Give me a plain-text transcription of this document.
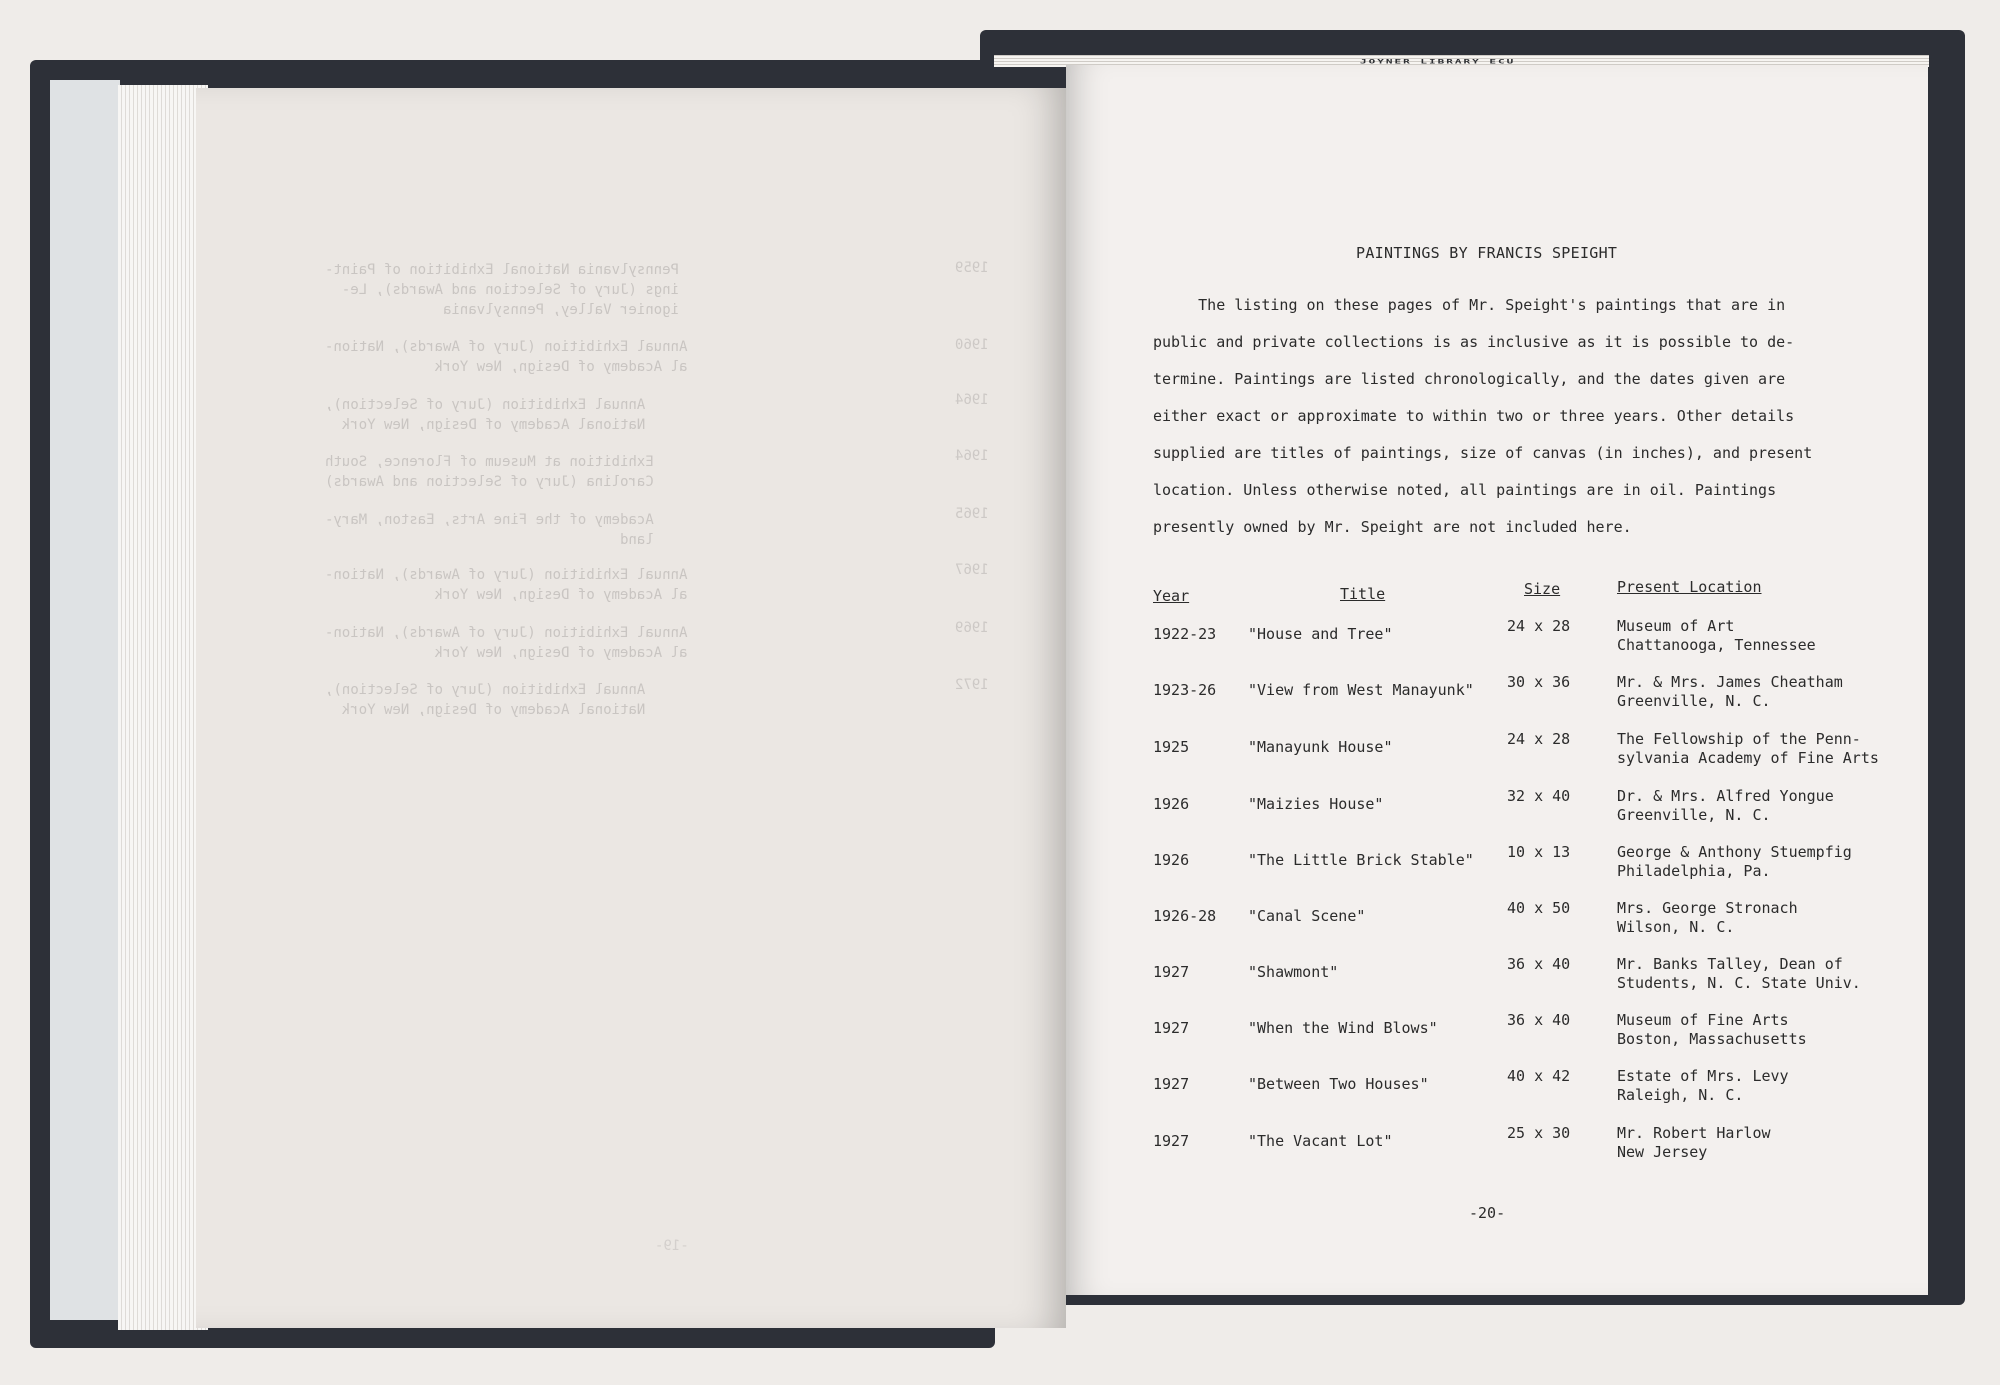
JOYNER LIBRARY ECU
1959
Pennsylvania National Exhibition of Paint-
ings (Jury of Selection and Awards), Le-
igonier Valley, Pennsylvania
1960
Annual Exhibition (Jury of Awards), Nation-
al Academy of Design, New York
1964
Annual Exhibition (Jury of Selection),
National Academy of Design, New York
1964
Exhibition at Museum of Florence, South
Carolina (Jury of Selection and Awards)
1965
Academy of the Fine Arts, Easton, Mary-
land
1967
Annual Exhibition (Jury of Awards), Nation-
al Academy of Design, New York
1969
Annual Exhibition (Jury of Awards), Nation-
al Academy of Design, New York
1972
Annual Exhibition (Jury of Selection),
National Academy of Design, New York
-19-
PAINTINGS BY FRANCIS SPEIGHT

The listing on these pages of Mr. Speight's paintings that are in

public and private collections is as inclusive as it is possible to de-

termine. Paintings are listed chronologically, and the dates given are

either exact or approximate to within two or three years. Other details

supplied are titles of paintings, size of canvas (in inches), and present

location. Unless otherwise noted, all paintings are in oil. Paintings

presently owned by Mr. Speight are not included here.

Year	Title	Size	Present Location
1922-23 "House and Tree"	24 x 28	Museum of Art
Chattanooga, Tennessee
1923-26 "View from West Manayunk" 30 x 36	Mr. & Mrs. James Cheatham
Greenville, N. C.
1925	"Manayunk House"	24 x 28	The Fellowship of the Penn-
sylvania Academy of Fine Arts
1926	"Maizies House"	32 x 40	Dr. & Mrs. Alfred Yongue
Greenville, N. C.
1926	"The Little Brick Stable" 10 x 13	George & Anthony Stuempfig
Philadelphia, Pa.
1926-28 "Canal Scene"	40 x 50	Mrs. George Stronach
Wilson, N. C.
1927	"Shawmont"	36 x 40	Mr. Banks Talley, Dean of
Students, N. C. State Univ.
1927	"When the Wind Blows"	36 x 40	Museum of Fine Arts
Boston, Massachusetts
1927	"Between Two Houses"	40 x 42	Estate of Mrs. Levy
Raleigh, N. C.
1927	"The Vacant Lot"	25 x 30	Mr. Robert Harlow
New Jersey
-20-
